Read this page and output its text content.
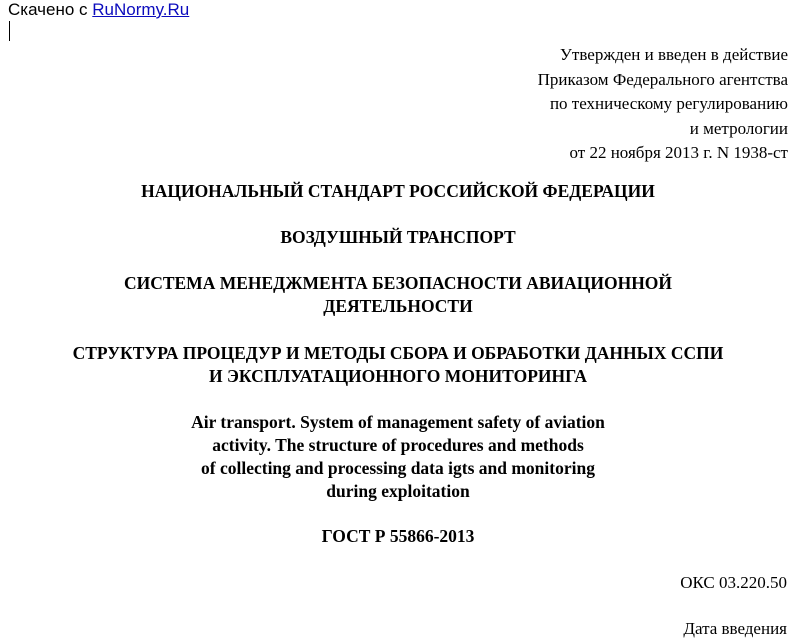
Скачено с RuNormy.Ru
Утвержден и введен в действие
Приказом Федерального агентства
по техническому регулированию
и метрологии
от 22 ноября 2013 г. N 1938-ст
НАЦИОНАЛЬНЫЙ СТАНДАРТ РОССИЙСКОЙ ФЕДЕРАЦИИ
ВОЗДУШНЫЙ ТРАНСПОРТ
СИСТЕМА МЕНЕДЖМЕНТА БЕЗОПАСНОСТИ АВИАЦИОННОЙ
ДЕЯТЕЛЬНОСТИ
СТРУКТУРА ПРОЦЕДУР И МЕТОДЫ СБОРА И ОБРАБОТКИ ДАННЫХ ССПИ
И ЭКСПЛУАТАЦИОННОГО МОНИТОРИНГА
Air transport. System of management safety of aviation
activity. The structure of procedures and methods
of collecting and processing data igts and monitoring
during exploitation
ГОСТ Р 55866-2013
ОКС 03.220.50
Дата введения
